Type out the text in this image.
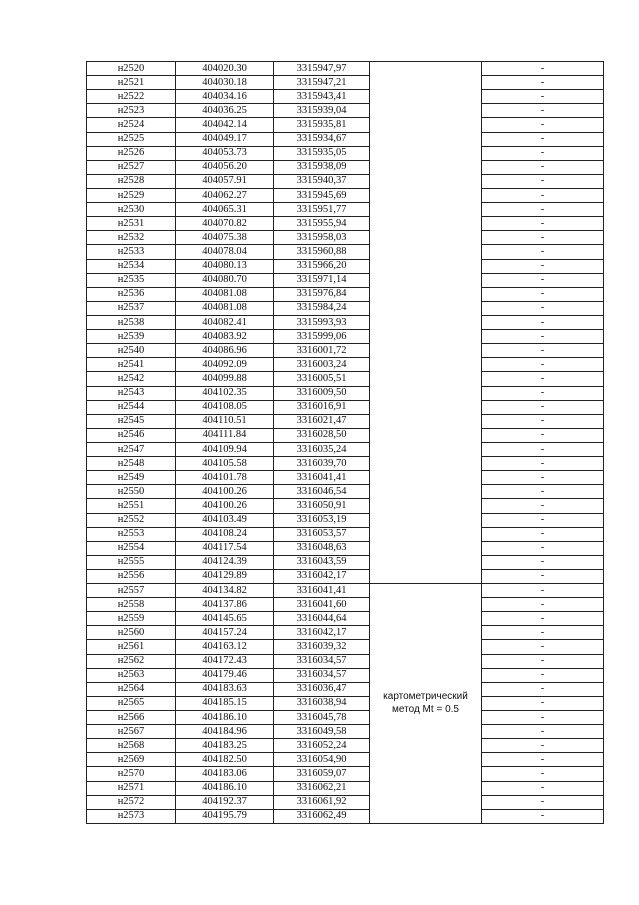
н2520	404020.30	3315947,97		-
н2521	404030.18	3315947,21		-
н2522	404034.16	3315943,41		-
н2523	404036.25	3315939,04		-
н2524	404042.14	3315935,81		-
н2525	404049.17	3315934,67		-
н2526	404053.73	3315935,05		-
н2527	404056.20	3315938,09		-
н2528	404057.91	3315940,37		-
н2529	404062.27	3315945,69		-
н2530	404065.31	3315951,77		-
н2531	404070.82	3315955,94		-
н2532	404075.38	3315958,03		-
н2533	404078.04	3315960,88		-
н2534	404080.13	3315966,20		-
н2535	404080.70	3315971,14		-
н2536	404081.08	3315976,84		-
н2537	404081.08	3315984,24		-
н2538	404082.41	3315993,93		-
н2539	404083.92	3315999,06		-
н2540	404086.96	3316001,72		-
н2541	404092.09	3316003,24		-
н2542	404099.88	3316005,51		-
н2543	404102.35	3316009,50		-
н2544	404108.05	3316016,91		-
н2545	404110.51	3316021,47		-
н2546	404111.84	3316028,50		-
н2547	404109.94	3316035,24		-
н2548	404105.58	3316039,70		-
н2549	404101.78	3316041,41		-
н2550	404100.26	3316046,54		-
н2551	404100.26	3316050,91		-
н2552	404103.49	3316053,19		-
н2553	404108.24	3316053,57		-
н2554	404117.54	3316048,63		-
н2555	404124.39	3316043,59		-
н2556	404129.89	3316042,17		-
н2557	404134.82	3316041,41	картометрический метод Mt = 0.5	-
н2558	404137.86	3316041,60		-
н2559	404145.65	3316044,64		-
н2560	404157.24	3316042,17		-
н2561	404163.12	3316039,32		-
н2562	404172.43	3316034,57		-
н2563	404179.46	3316034,57		-
н2564	404183.63	3316036,47		-
н2565	404185.15	3316038,94		-
н2566	404186.10	3316045,78		-
н2567	404184.96	3316049,58		-
н2568	404183.25	3316052,24		-
н2569	404182.50	3316054,90		-
н2570	404183.06	3316059,07		-
н2571	404186.10	3316062,21		-
н2572	404192.37	3316061,92		-
н2573	404195.79	3316062,49		-
